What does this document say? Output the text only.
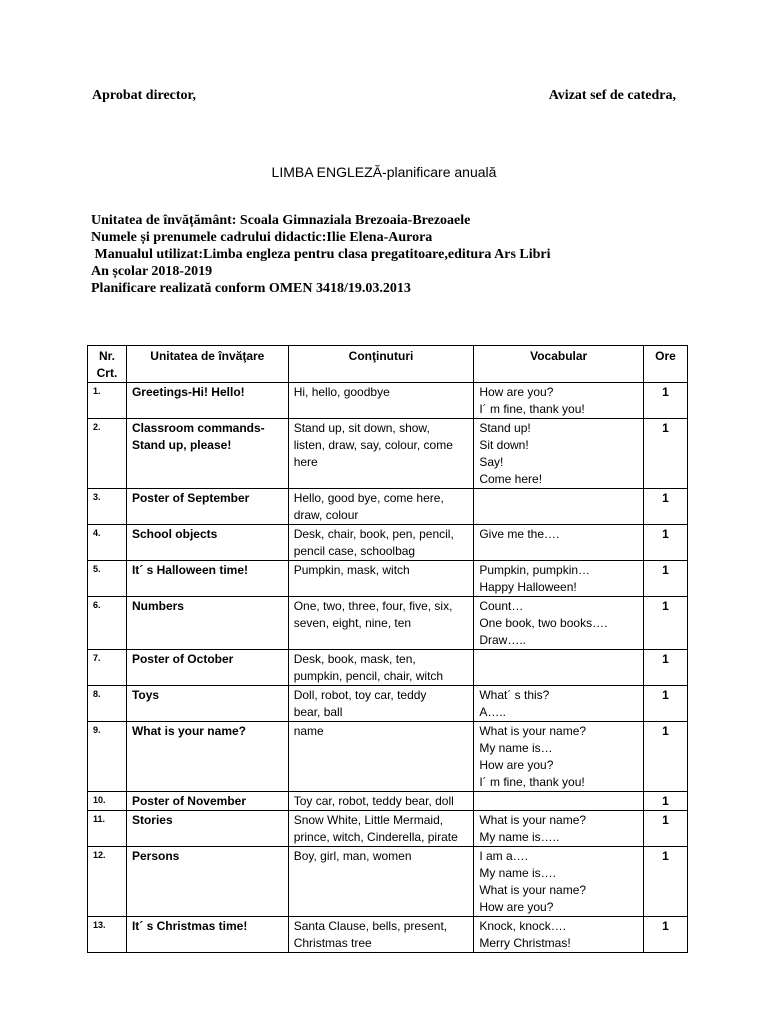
Aprobat director,	Avizat sef de catedra,
LIMBA ENGLEZĂ-planificare anuală
Unitatea de învățământ: Scoala Gimnaziala Brezoaia-Brezoaele
Numele și prenumele cadrului didactic:Ilie Elena-Aurora
Manualul utilizat:Limba engleza pentru clasa pregatitoare,editura Ars Libri
An școlar 2018-2019
Planificare realizată conform OMEN 3418/19.03.2013
Nr.
Crt.	Unitatea de învăţare	Conţinuturi	Vocabular	Ore
1.	Greetings-Hi! Hello!	Hi, hello, goodbye	How are you?
I´ m fine, thank you!	1
2.	Classroom commands-
Stand up, please!	Stand up, sit down, show,
listen, draw, say, colour, come
here	Stand up!
Sit down!
Say!
Come here!	1
3.	Poster of September	Hello, good bye, come here,
draw, colour		1
4.	School objects	Desk, chair, book, pen, pencil,
pencil case, schoolbag	Give me the….	1
5.	It´ s Halloween time!	Pumpkin, mask, witch	Pumpkin, pumpkin…
Happy Halloween!	1
6.	Numbers	One, two, three, four, five, six,
seven, eight, nine, ten	Count…
One book, two books….
Draw…..	1
7.	Poster of October	Desk, book, mask, ten,
pumpkin, pencil, chair, witch		1
8.	Toys	Doll, robot, toy car, teddy
bear, ball	What´ s this?
A…..	1
9.	What is your name?	name	What is your name?
My name is…
How are you?
I´ m fine, thank you!	1
10.	Poster of November	Toy car, robot, teddy bear, doll		1
11.	Stories	Snow White, Little Mermaid,
prince, witch, Cinderella, pirate	What is your name?
My name is…..	1
12.	Persons	Boy, girl, man, women	I am a….
My name is….
What is your name?
How are you?	1
13.	It´ s Christmas time!	Santa Clause, bells, present,
Christmas tree	Knock, knock….
Merry Christmas!	1
